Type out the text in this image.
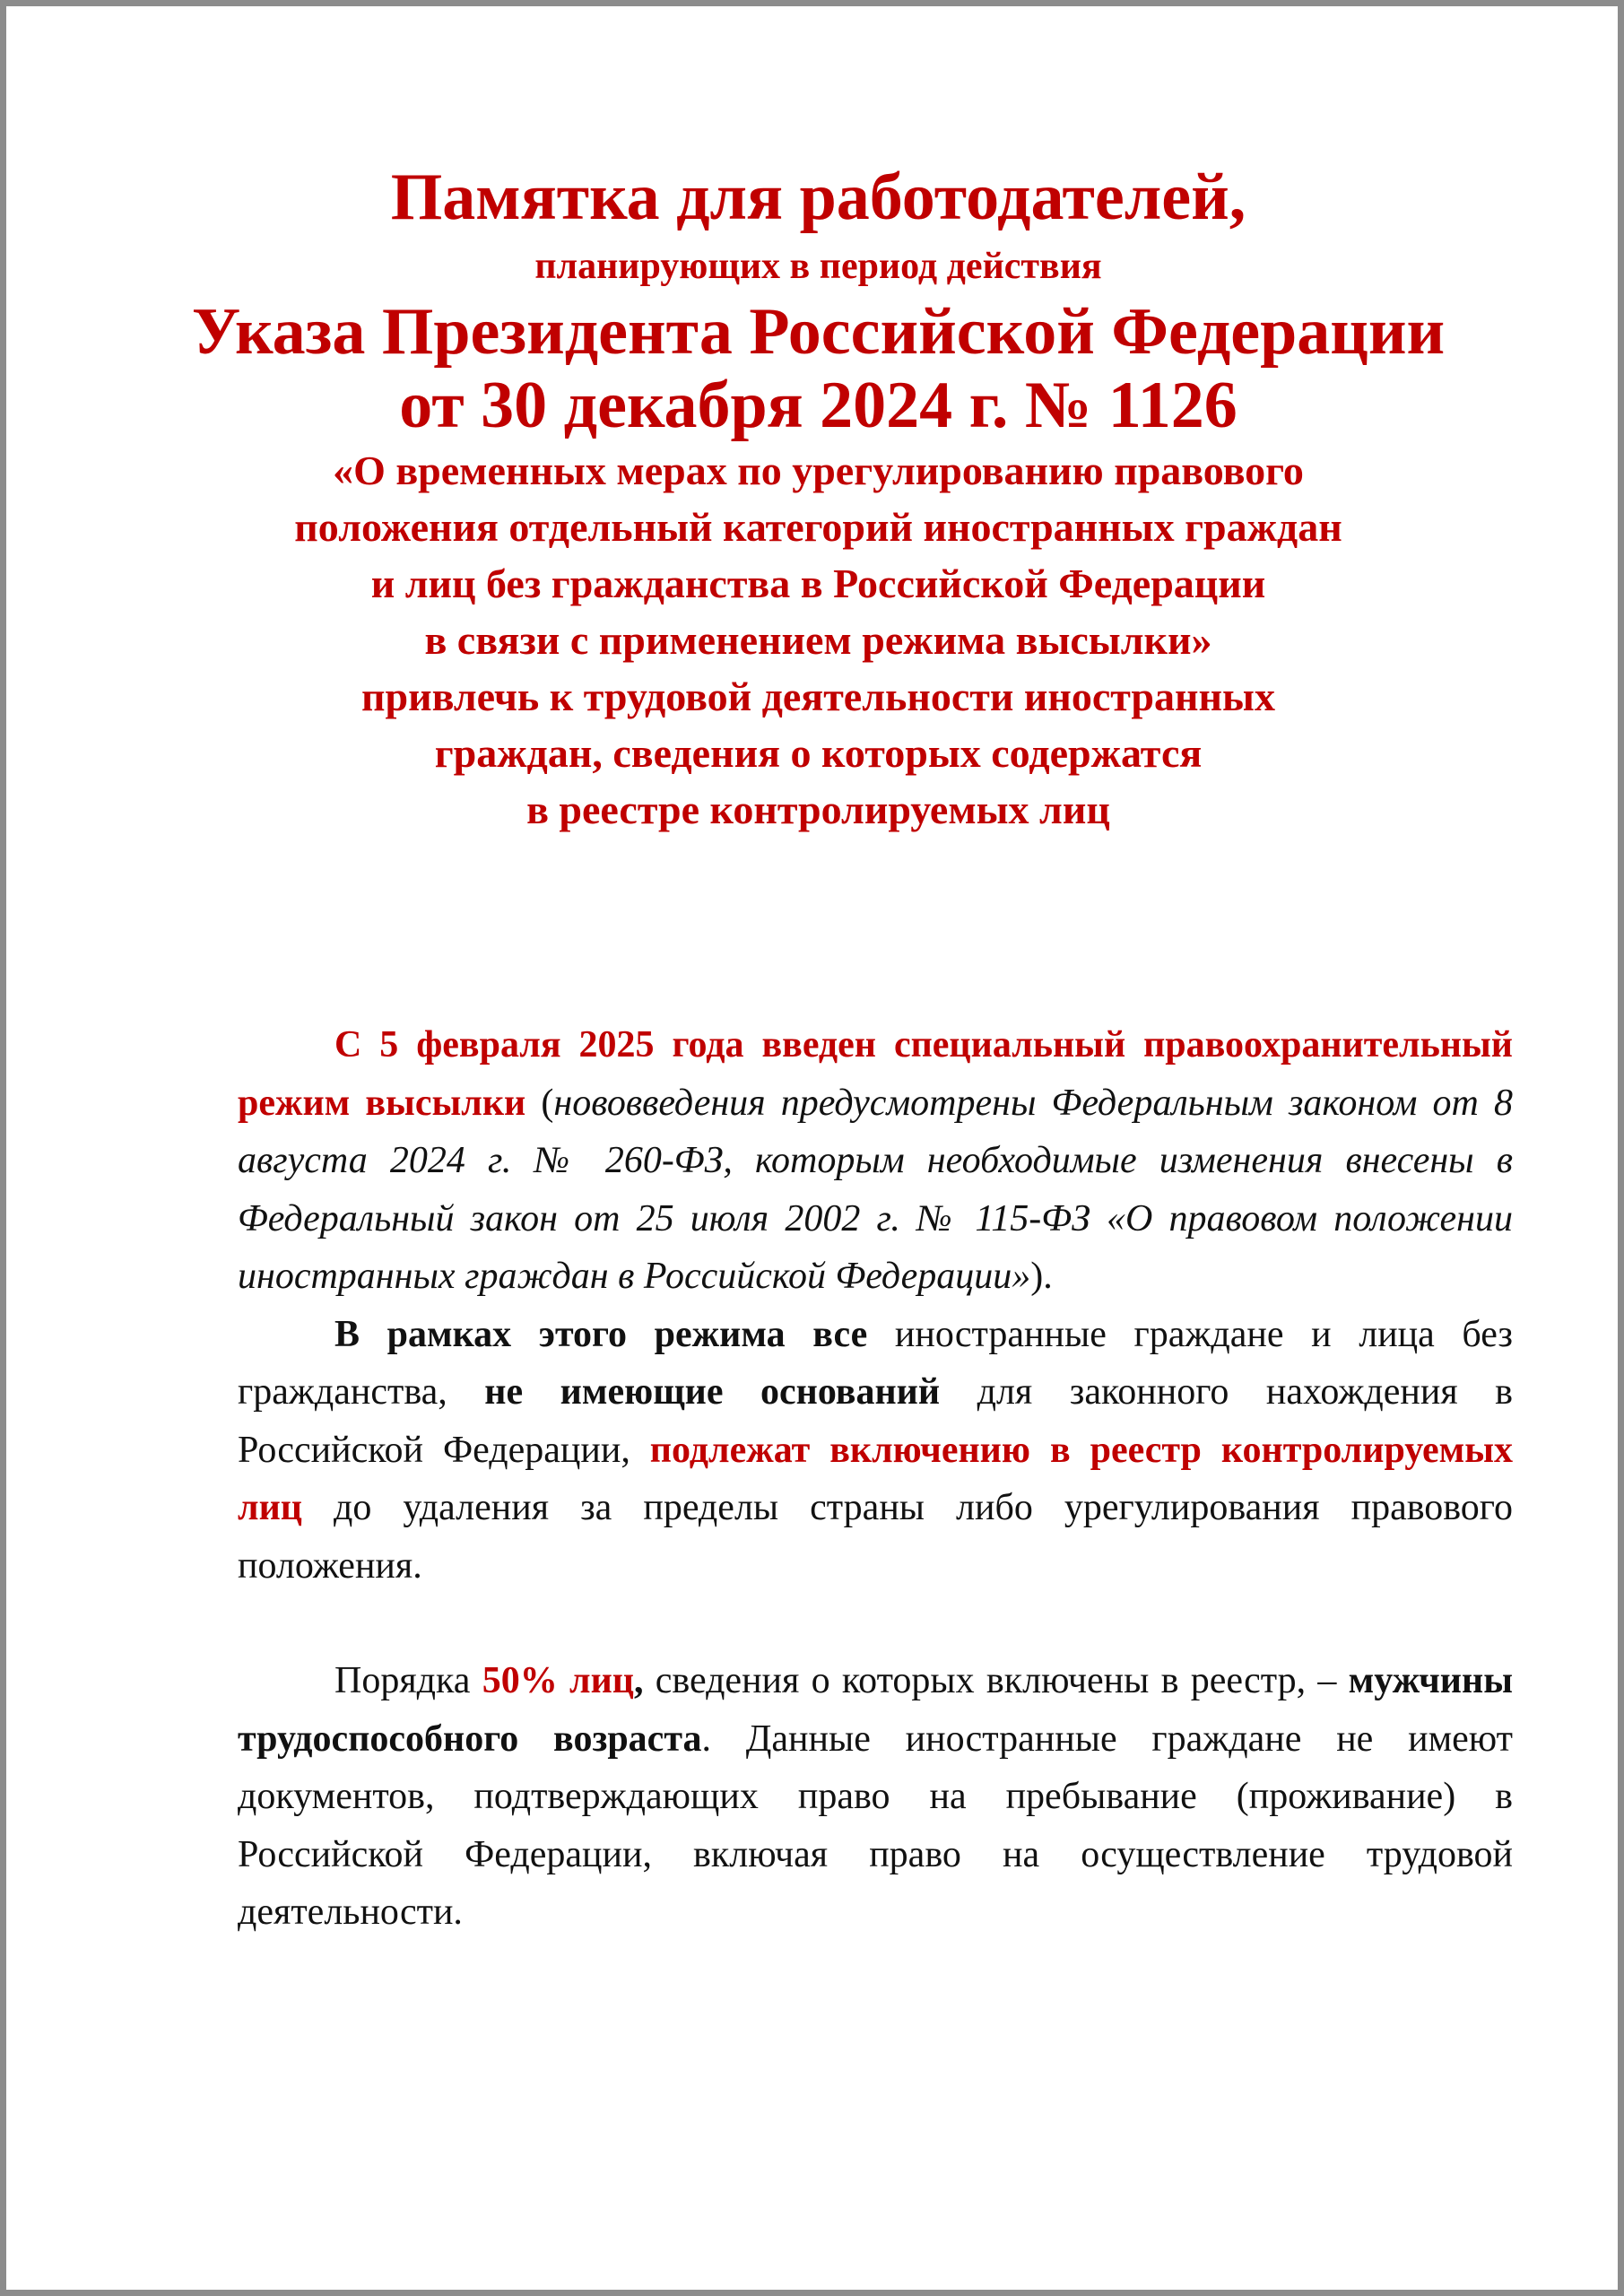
Памятка для работодателей,

планирующих в период действия

Указа Президента Российской Федерации

от 30 декабря 2024 г. № 1126

«О временных мерах по урегулированию правового

положения отдельный категорий иностранных граждан

и лиц без гражданства в Российской Федерации

в связи с применением режима высылки»

привлечь к трудовой деятельности иностранных

граждан, сведения о которых содержатся

в реестре контролируемых лиц

С 5 февраля 2025 года введен специальный правоохранительный режим высылки (нововведения предусмотрены Федеральным законом от 8 августа 2024 г. № 260-ФЗ, которым необходимые изменения внесены в Федеральный закон от 25 июля 2002 г. № 115-ФЗ «О правовом положении иностранных граждан в Российской Федерации»).

В рамках этого режима все иностранные граждане и лица без гражданства, не имеющие оснований для законного нахождения в Российской Федерации, подлежат включению в реестр контролируемых лиц до удаления за пределы страны либо урегулирования правового положения.

Порядка 50% лиц, сведения о которых включены в реестр, – мужчины трудоспособного возраста. Данные иностранные граждане не имеют документов, подтверждающих право на пребывание (проживание) в Российской Федерации, включая право на осуществление трудовой деятельности.
